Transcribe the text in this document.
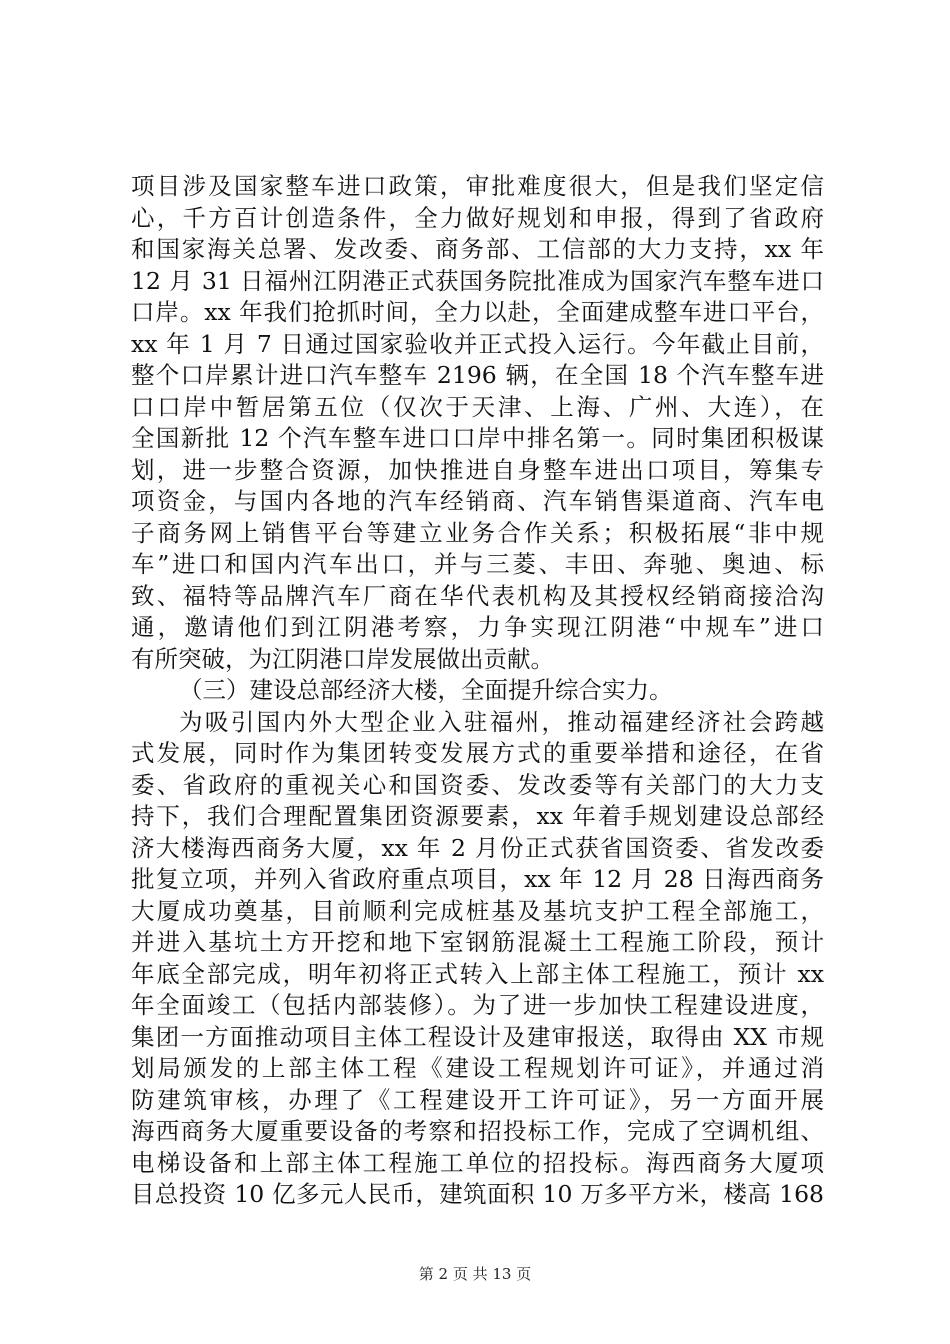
项目涉及国家整车进口政策，审批难度很大，但是我们坚定信
心，千方百计创造条件，全力做好规划和申报，得到了省政府
和国家海关总署、发改委、商务部、工信部的大力支持，xx 年
12 月 31 日福州江阴港正式获国务院批准成为国家汽车整车进口
口岸。xx 年我们抢抓时间，全力以赴，全面建成整车进口平台，
xx 年 1 月 7 日通过国家验收并正式投入运行。今年截止目前，
整个口岸累计进口汽车整车 2196 辆，在全国 18 个汽车整车进
口口岸中暂居第五位（仅次于天津、上海、广州、大连），在
全国新批 12 个汽车整车进口口岸中排名第一。同时集团积极谋
划，进一步整合资源，加快推进自身整车进出口项目，筹集专
项资金，与国内各地的汽车经销商、汽车销售渠道商、汽车电
子商务网上销售平台等建立业务合作关系；积极拓展“非中规
车”进口和国内汽车出口，并与三菱、丰田、奔驰、奥迪、标
致、福特等品牌汽车厂商在华代表机构及其授权经销商接洽沟
通，邀请他们到江阴港考察，力争实现江阴港“中规车”进口
有所突破，为江阴港口岸发展做出贡献。
（三）建设总部经济大楼，全面提升综合实力。
为吸引国内外大型企业入驻福州，推动福建经济社会跨越
式发展，同时作为集团转变发展方式的重要举措和途径，在省
委、省政府的重视关心和国资委、发改委等有关部门的大力支
持下，我们合理配置集团资源要素，xx 年着手规划建设总部经
济大楼海西商务大厦，xx 年 2 月份正式获省国资委、省发改委
批复立项，并列入省政府重点项目，xx 年 12 月 28 日海西商务
大厦成功奠基，目前顺利完成桩基及基坑支护工程全部施工，
并进入基坑土方开挖和地下室钢筋混凝土工程施工阶段，预计
年底全部完成，明年初将正式转入上部主体工程施工，预计 xx
年全面竣工（包括内部装修）。为了进一步加快工程建设进度，
集团一方面推动项目主体工程设计及建审报送，取得由 XX 市规
划局颁发的上部主体工程《建设工程规划许可证》，并通过消
防建筑审核，办理了《工程建设开工许可证》，另一方面开展
海西商务大厦重要设备的考察和招投标工作，完成了空调机组、
电梯设备和上部主体工程施工单位的招投标。海西商务大厦项
目总投资 10 亿多元人民币，建筑面积 10 万多平方米，楼高 168
第 2 页 共 13 页
